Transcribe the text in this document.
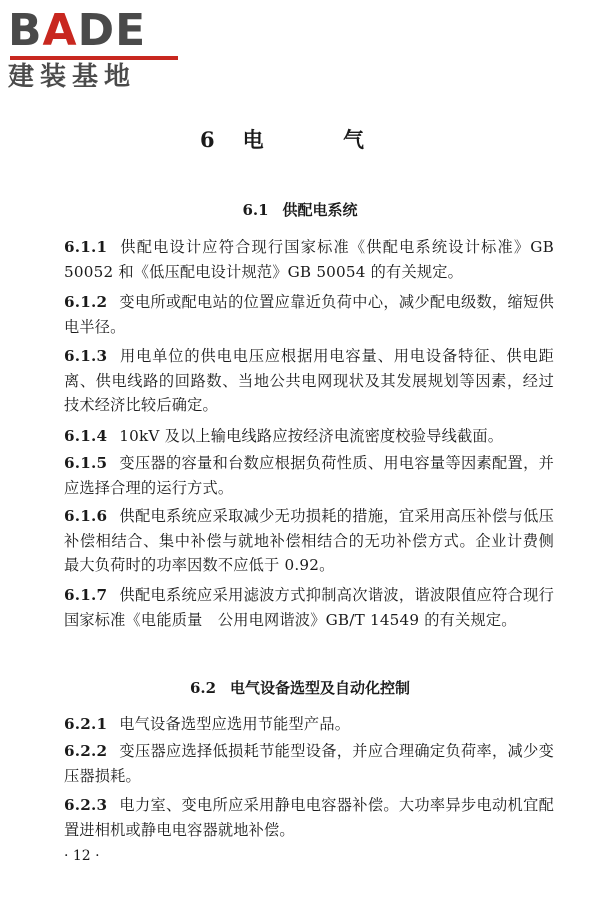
BADE
建装基地
6电 气
6.1 供配电系统
6.1.1 供配电设计应符合现行国家标准《供配电系统设计标准》GB 50052 和《低压配电设计规范》GB 50054 的有关规定。
6.1.2 变电所或配电站的位置应靠近负荷中心，减少配电级数，缩短供电半径。
6.1.3 用电单位的供电电压应根据用电容量、用电设备特征、供电距离、供电线路的回路数、当地公共电网现状及其发展规划等因素，经过技术经济比较后确定。
6.1.4 10kV 及以上输电线路应按经济电流密度校验导线截面。
6.1.5 变压器的容量和台数应根据负荷性质、用电容量等因素配置，并应选择合理的运行方式。
6.1.6 供配电系统应采取减少无功损耗的措施，宜采用高压补偿与低压补偿相结合、集中补偿与就地补偿相结合的无功补偿方式。企业计费侧最大负荷时的功率因数不应低于 0.92。
6.1.7 供配电系统应采用滤波方式抑制高次谐波，谐波限值应符合现行国家标准《电能质量　公用电网谐波》GB/T 14549 的有关规定。
6.2 电气设备选型及自动化控制
6.2.1 电气设备选型应选用节能型产品。
6.2.2 变压器应选择低损耗节能型设备，并应合理确定负荷率，减少变压器损耗。
6.2.3 电力室、变电所应采用静电电容器补偿。大功率异步电动机宜配置进相机或静电电容器就地补偿。
· 12 ·
